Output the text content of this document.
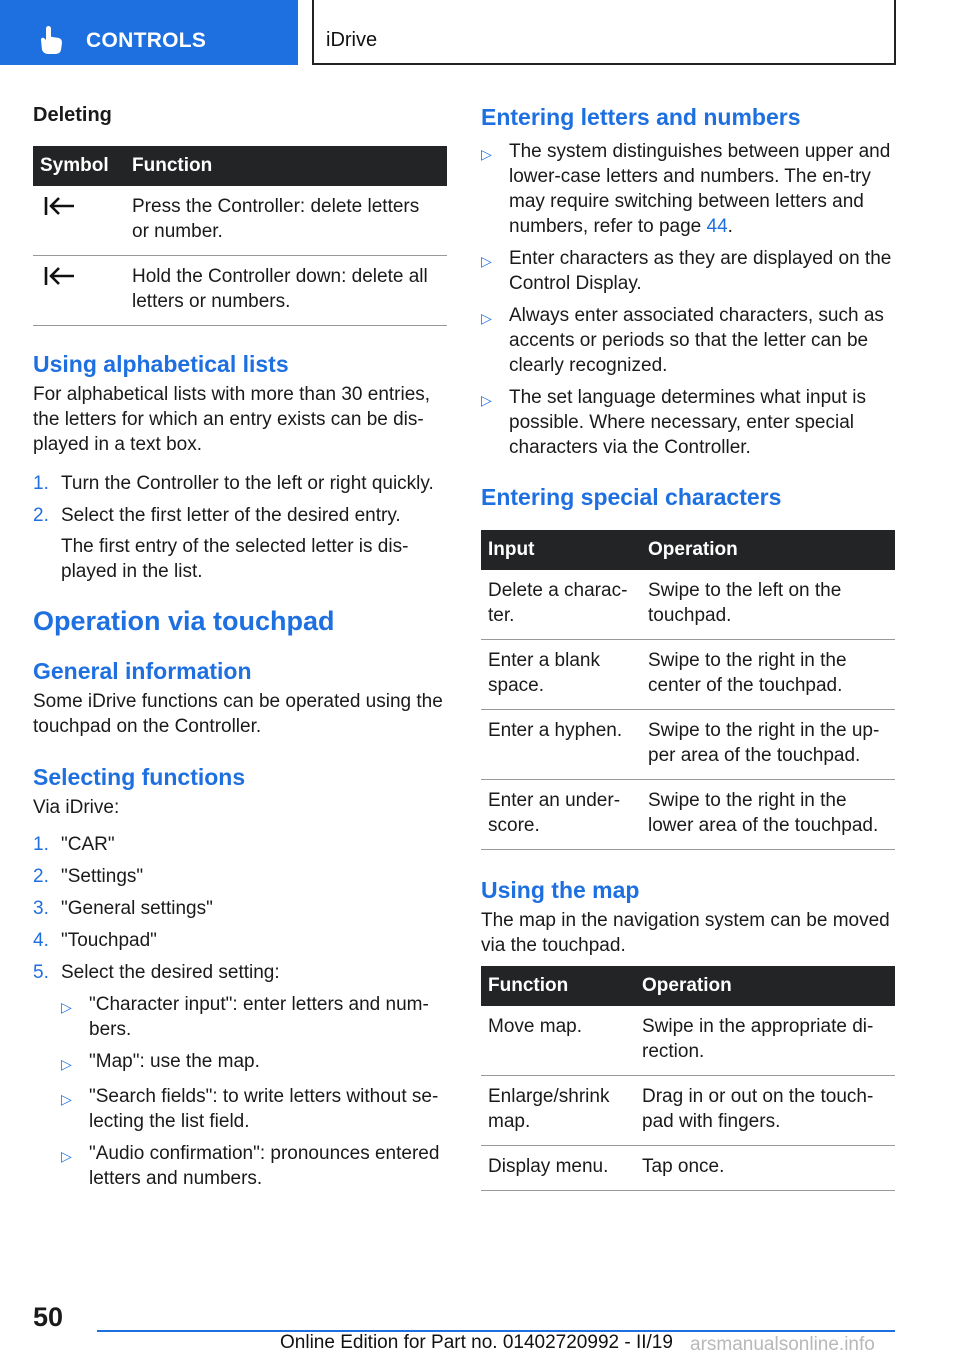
CONTROLS	iDrive
Deleting
Symbol	Function
	Press the Controller: delete letters or number.
	Hold the Controller down: delete all letters or numbers.
Using alphabetical lists

For alphabetical lists with more than 30 entries, the letters for which an entry exists can be dis-played in a text box.

1. Turn the Controller to the left or right quickly.
2. Select the first letter of the desired entry.

The first entry of the selected letter is dis-played in the list.

Operation via touchpad
General information

Some iDrive functions can be operated using the touchpad on the Controller.

Selecting functions

Via iDrive:

1. "CAR"
2. "Settings"
3. "General settings"
4. "Touchpad"
5. Select the desired setting:
▷ "Character input": enter letters and num-bers.
▷ "Map": use the map.
▷ "Search fields": to write letters without se-lecting the list field.
▷ "Audio confirmation": pronounces entered letters and numbers.
Entering letters and numbers
▷ The system distinguishes between upper and lower-case letters and numbers. The en-try may require switching between letters and numbers, refer to page 44.
▷ Enter characters as they are displayed on the Control Display.
▷ Always enter associated characters, such as accents or periods so that the letter can be clearly recognized.
▷ The set language determines what input is possible. Where necessary, enter special characters via the Controller.
Entering special characters
Input	Operation
Delete a charac-ter.	Swipe to the left on the touchpad.
Enter a blank space.	Swipe to the right in the center of the touchpad.
Enter a hyphen.	Swipe to the right in the up-per area of the touchpad.
Enter an under-score.	Swipe to the right in the lower area of the touchpad.
Using the map

The map in the navigation system can be moved via the touchpad.

Function	Operation
Move map.	Swipe in the appropriate di-rection.
Enlarge/shrink map.	Drag in or out on the touch-pad with fingers.
Display menu.	Tap once.
50
Online Edition for Part no. 01402720992 - II/19 arsmanualsonline.info
